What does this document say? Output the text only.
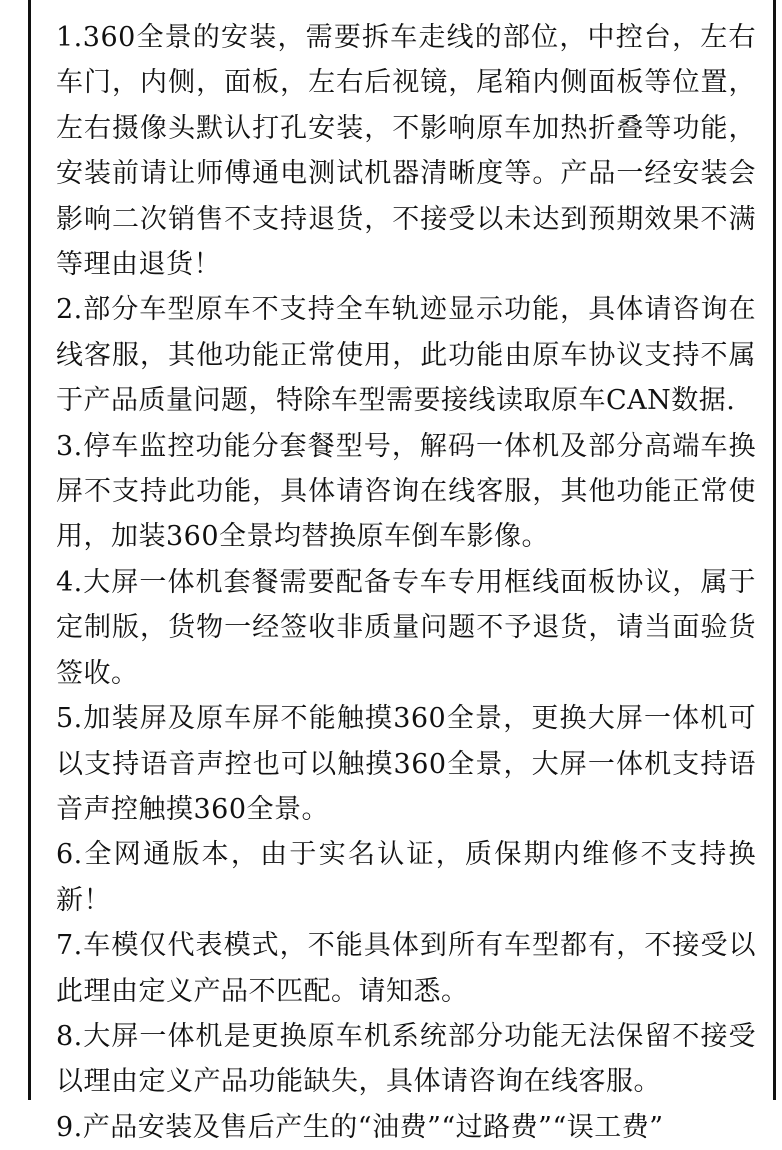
1.360全景的安装，需要拆车走线的部位，中控台，左右车门，内侧，面板，左右后视镜，尾箱内侧面板等位置，左右摄像头默认打孔安装，不影响原车加热折叠等功能，安装前请让师傅通电测试机器清晰度等。产品一经安装会影响二次销售不支持退货，不接受以未达到预期效果不满等理由退货！

2.部分车型原车不支持全车轨迹显示功能，具体请咨询在线客服，其他功能正常使用，此功能由原车协议支持不属于产品质量问题，特除车型需要接线读取原车CAN数据.

3.停车监控功能分套餐型号，解码一体机及部分高端车换屏不支持此功能，具体请咨询在线客服，其他功能正常使用，加装360全景均替换原车倒车影像。

4.大屏一体机套餐需要配备专车专用框线面板协议，属于定制版，货物一经签收非质量问题不予退货，请当面验货签收。

5.加装屏及原车屏不能触摸360全景，更换大屏一体机可以支持语音声控也可以触摸360全景，大屏一体机支持语音声控触摸360全景。

6.全网通版本，由于实名认证，质保期内维修不支持换新！

7.车模仅代表模式，不能具体到所有车型都有，不接受以此理由定义产品不匹配。请知悉。

8.大屏一体机是更换原车机系统部分功能无法保留不接受以理由定义产品功能缺失，具体请咨询在线客服。

9.产品安装及售后产生的“油费”“过路费”“误工费”
